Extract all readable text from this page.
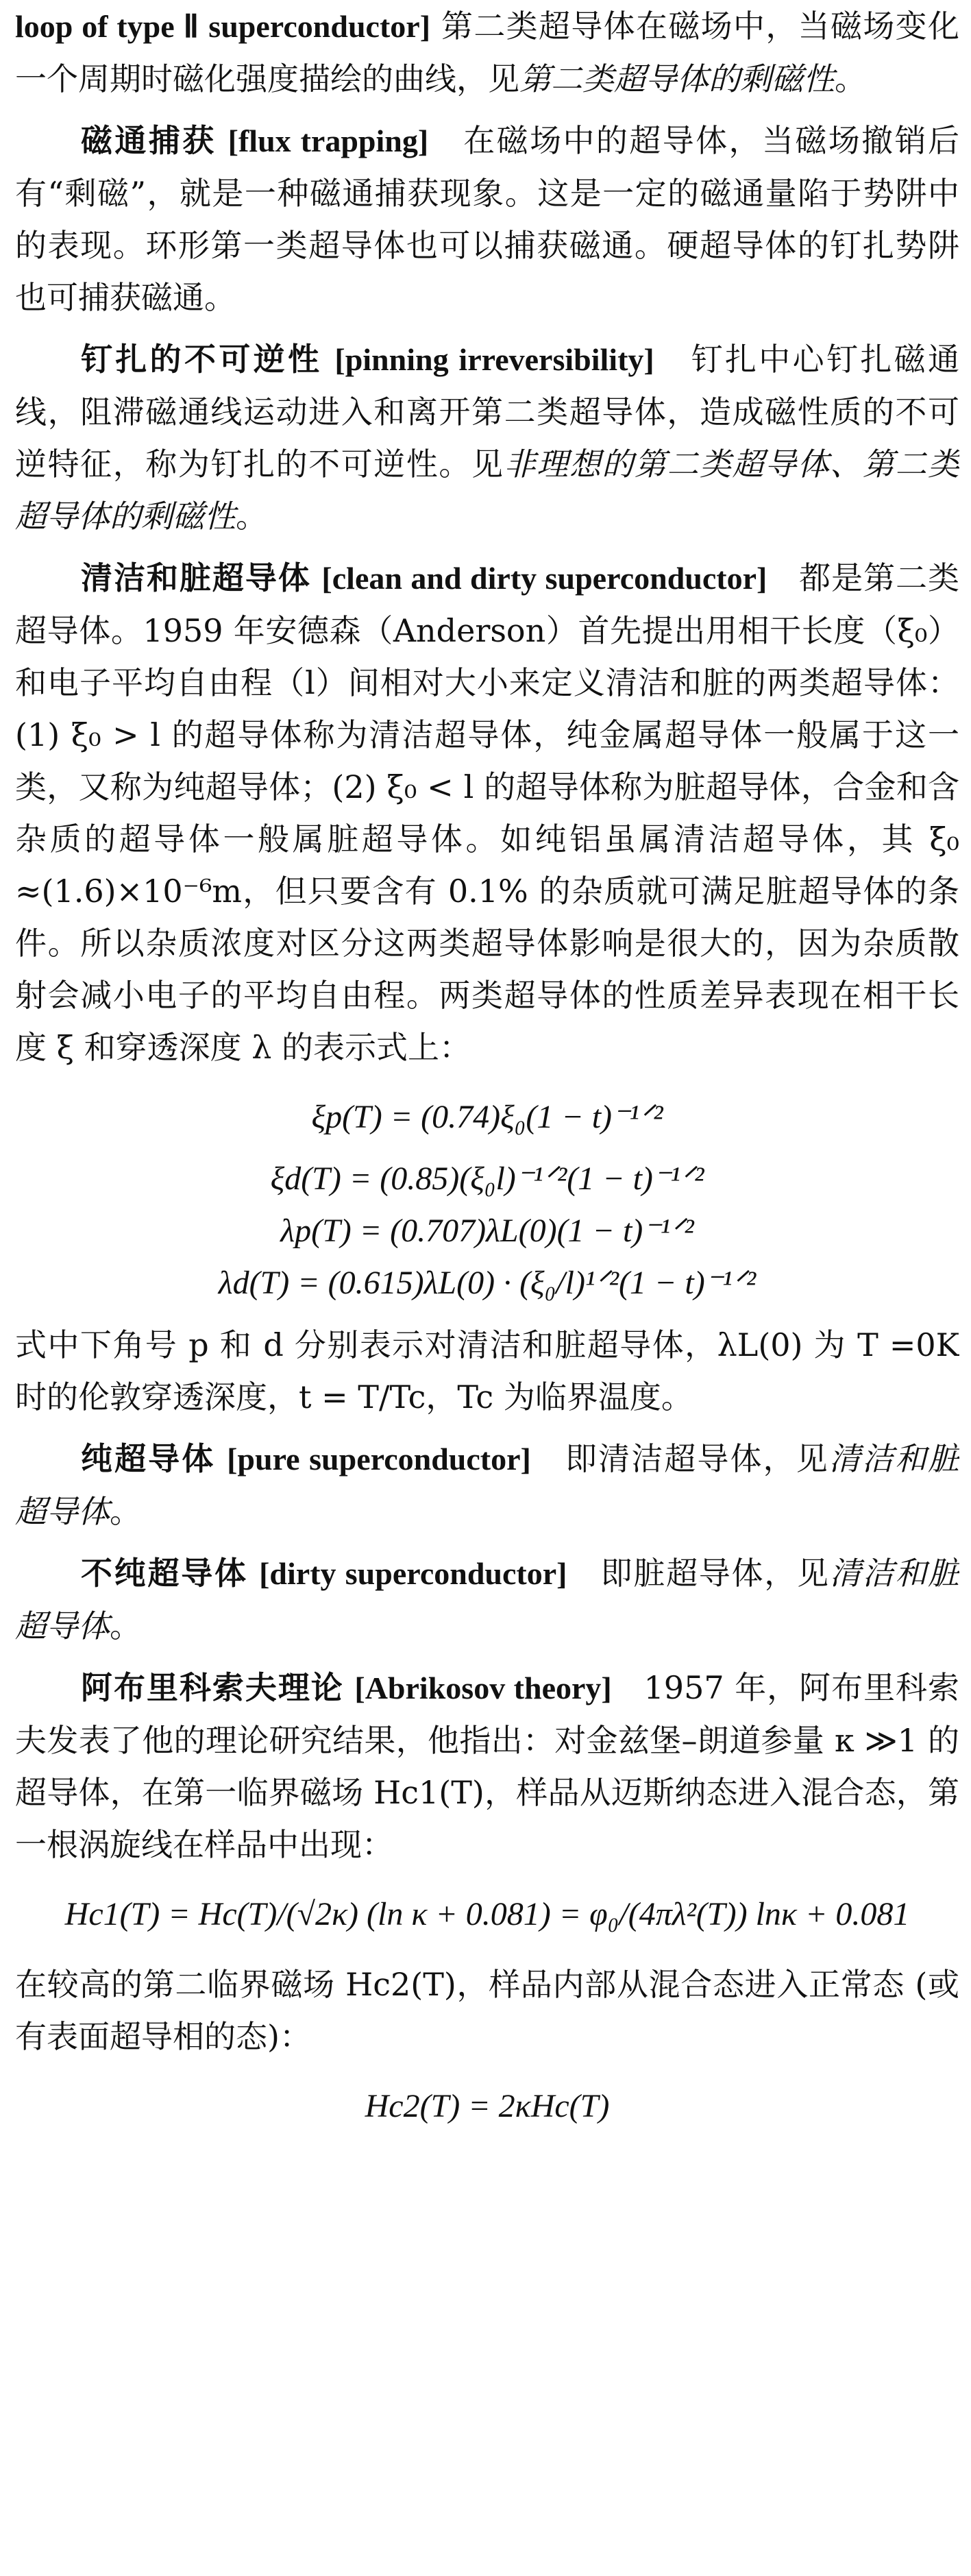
loop of type Ⅱ superconductor] 第二类超导体在磁场中，当磁场变化一个周期时磁化强度描绘的曲线，见第二类超导体的剩磁性。

磁通捕获 [flux trapping] 在磁场中的超导体，当磁场撤销后有“剩磁”，就是一种磁通捕获现象。这是一定的磁通量陷于势阱中的表现。环形第一类超导体也可以捕获磁通。硬超导体的钉扎势阱也可捕获磁通。

钉扎的不可逆性 [pinning irreversibility] 钉扎中心钉扎磁通线，阻滞磁通线运动进入和离开第二类超导体，造成磁性质的不可逆特征，称为钉扎的不可逆性。见非理想的第二类超导体、第二类超导体的剩磁性。

清洁和脏超导体 [clean and dirty superconductor] 都是第二类超导体。1959 年安德森（Anderson）首先提出用相干长度（ξ₀）和电子平均自由程（l）间相对大小来定义清洁和脏的两类超导体：(1) ξ₀ > l 的超导体称为清洁超导体，纯金属超导体一般属于这一类，又称为纯超导体；(2) ξ₀ < l 的超导体称为脏超导体，合金和含杂质的超导体一般属脏超导体。如纯铝虽属清洁超导体，其 ξ₀ ≈(1.6)×10⁻⁶m，但只要含有 0.1% 的杂质就可满足脏超导体的条件。所以杂质浓度对区分这两类超导体影响是很大的，因为杂质散射会减小电子的平均自由程。两类超导体的性质差异表现在相干长度 ξ 和穿透深度 λ 的表示式上：

ξp(T) = (0.74)ξ₀(1 − t)⁻¹ᐟ²

ξd(T) = (0.85)(ξ₀l)⁻¹ᐟ²(1 − t)⁻¹ᐟ²

λp(T) = (0.707)λL(0)(1 − t)⁻¹ᐟ²

λd(T) = (0.615)λL(0) · (ξ₀/l)¹ᐟ²(1 − t)⁻¹ᐟ²

式中下角号 p 和 d 分别表示对清洁和脏超导体，λL(0) 为 T =0K 时的伦敦穿透深度，t = T/Tc，Tc 为临界温度。

纯超导体 [pure superconductor] 即清洁超导体，见清洁和脏超导体。

不纯超导体 [dirty superconductor] 即脏超导体，见清洁和脏超导体。

阿布里科索夫理论 [Abrikosov theory] 1957 年，阿布里科索夫发表了他的理论研究结果，他指出：对金兹堡–朗道参量 κ ≫1 的超导体，在第一临界磁场 Hc1(T)，样品从迈斯纳态进入混合态，第一根涡旋线在样品中出现：

Hc1(T) = Hc(T)/(√2κ) (ln κ + 0.081) = φ₀/(4πλ²(T)) lnκ + 0.081

在较高的第二临界磁场 Hc2(T)，样品内部从混合态进入正常态 (或有表面超导相的态)：

Hc2(T) = 2κHc(T)
